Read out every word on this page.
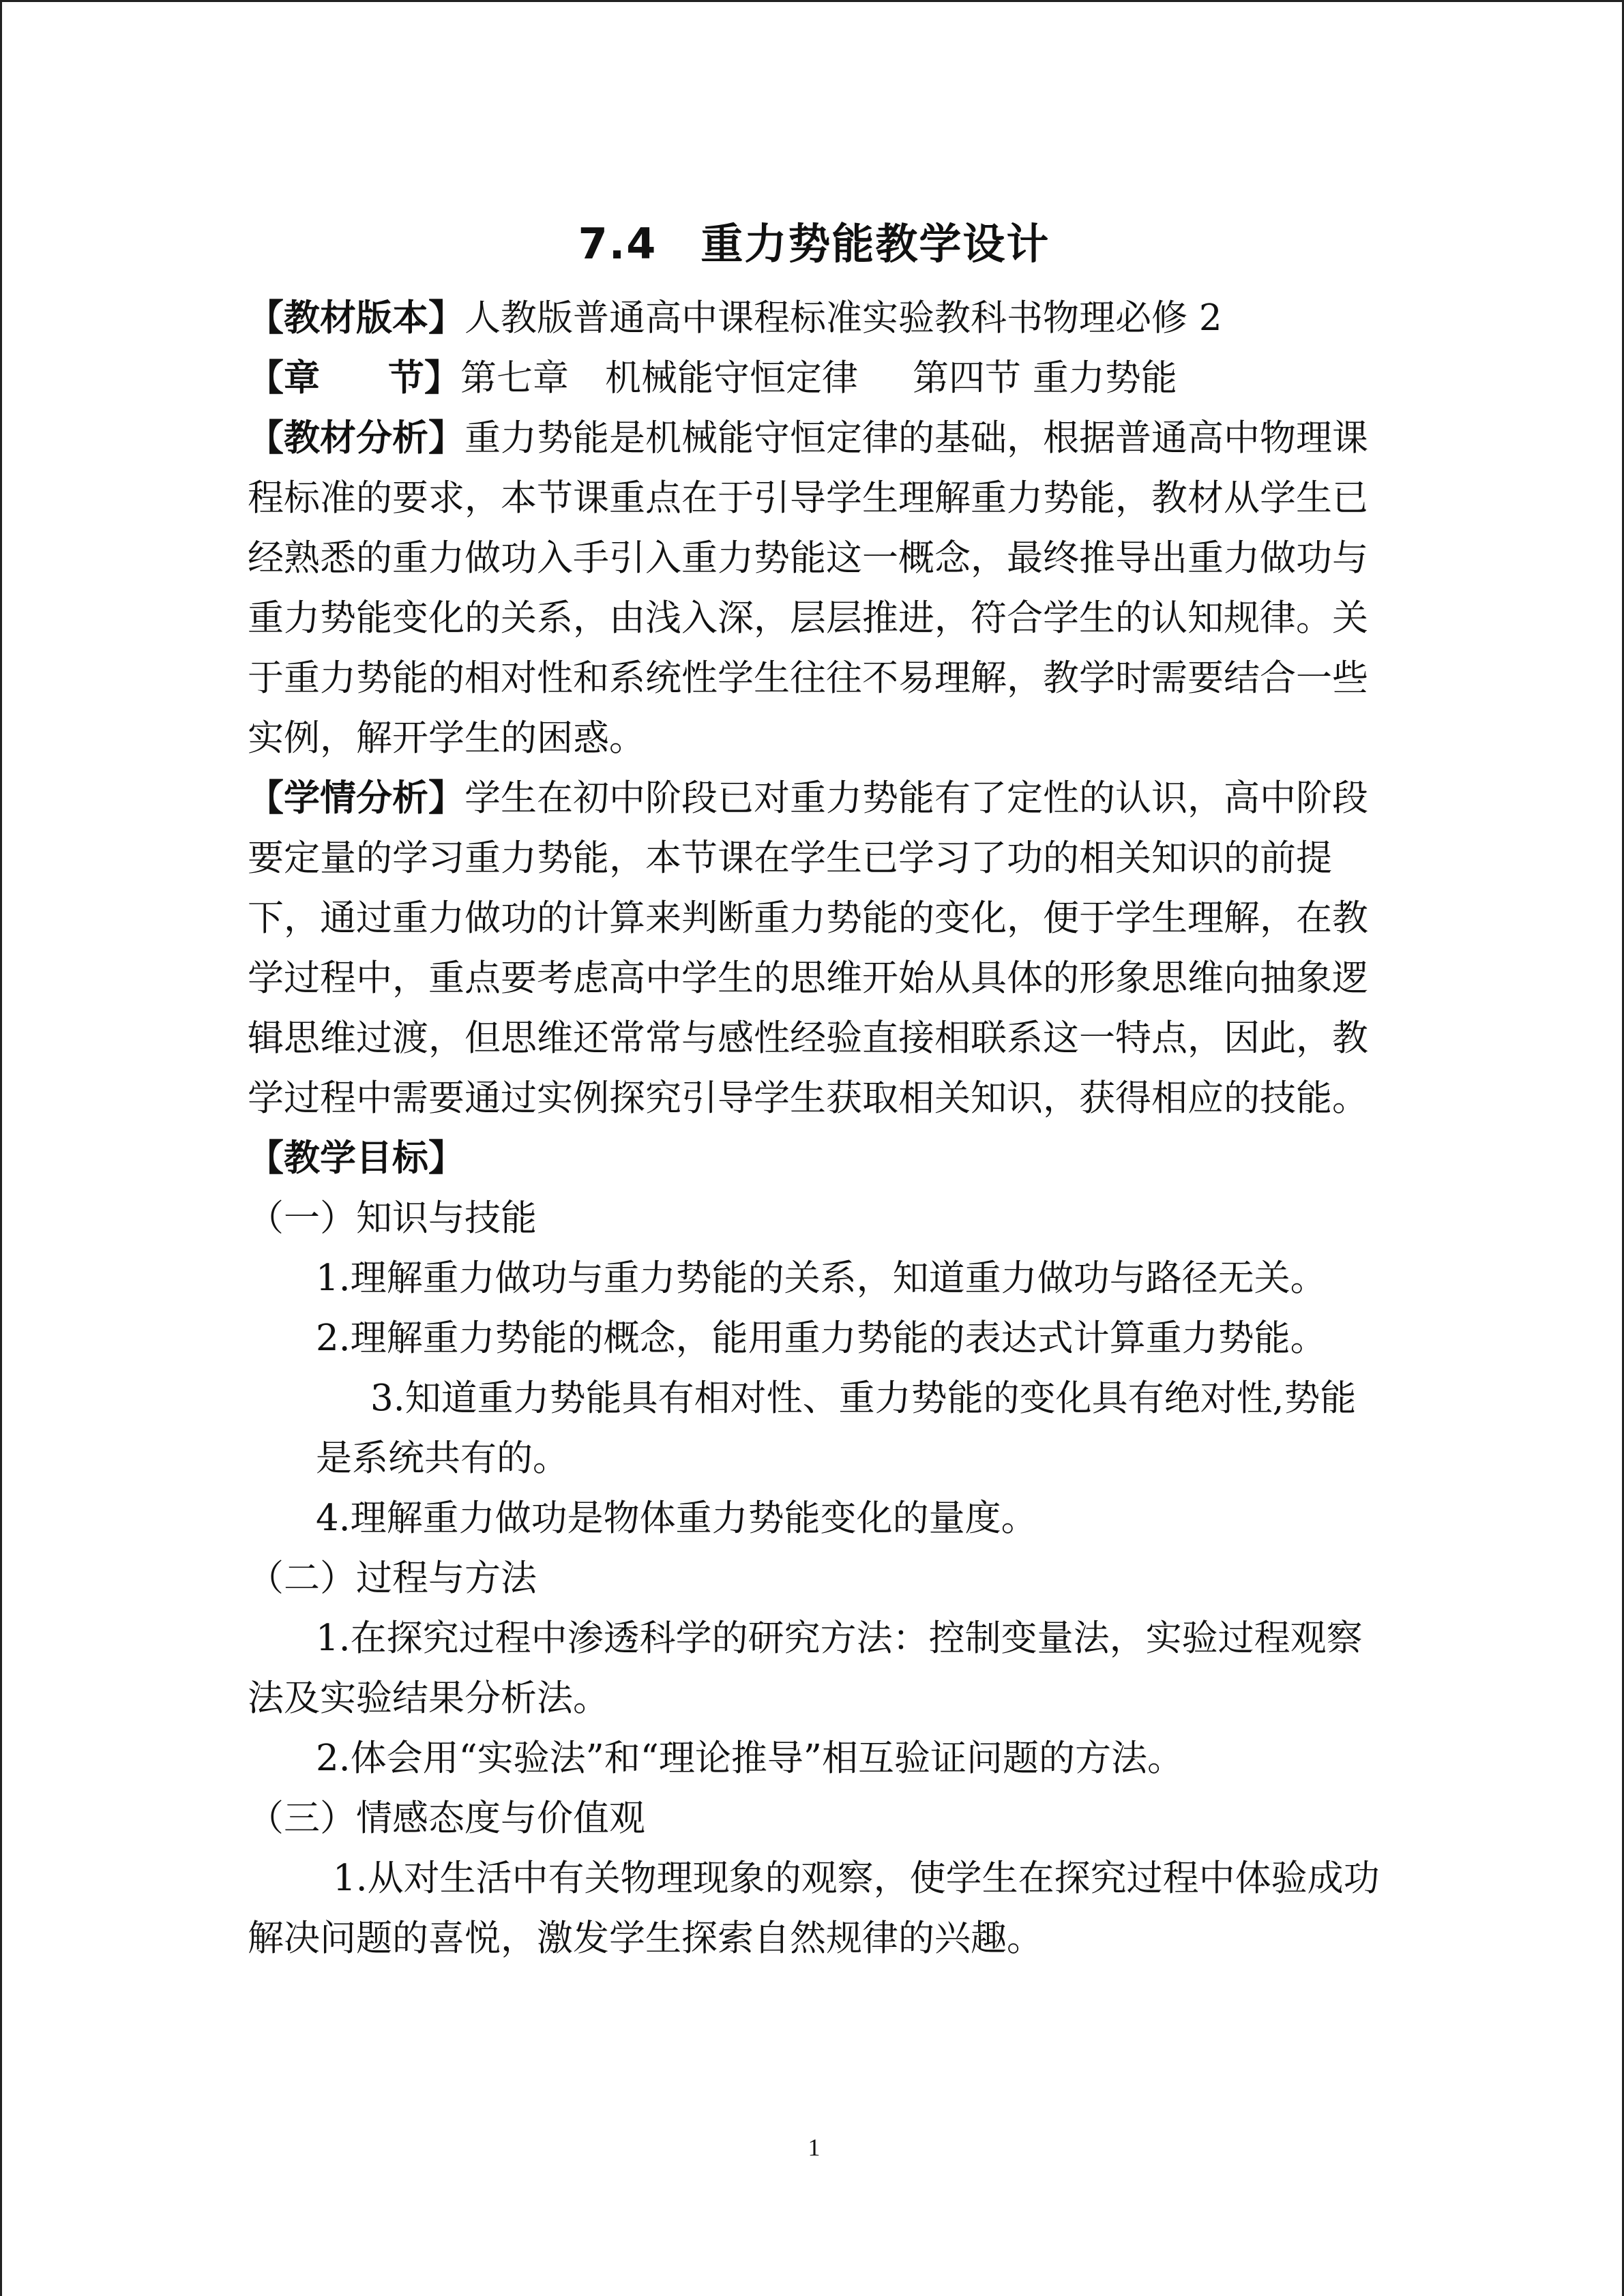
7.4　重力势能教学设计

【教材版本】人教版普通高中课程标准实验教科书物理必修 2

【章 节】第七章　机械能守恒定律 第四节 重力势能

【教材分析】重力势能是机械能守恒定律的基础，根据普通高中物理课程标准的要求，本节课重点在于引导学生理解重力势能，教材从学生已经熟悉的重力做功入手引入重力势能这一概念，最终推导出重力做功与重力势能变化的关系，由浅入深，层层推进，符合学生的认知规律。关于重力势能的相对性和系统性学生往往不易理解，教学时需要结合一些实例，解开学生的困惑。

【学情分析】学生在初中阶段已对重力势能有了定性的认识，高中阶段要定量的学习重力势能，本节课在学生已学习了功的相关知识的前提下，通过重力做功的计算来判断重力势能的变化，便于学生理解，在教学过程中，重点要考虑高中学生的思维开始从具体的形象思维向抽象逻辑思维过渡，但思维还常常与感性经验直接相联系这一特点，因此，教学过程中需要通过实例探究引导学生获取相关知识，获得相应的技能。

【教学目标】

（一）知识与技能

1.理解重力做功与重力势能的关系，知道重力做功与路径无关。

2.理解重力势能的概念，能用重力势能的表达式计算重力势能。3.知道重力势能具有相对性、重力势能的变化具有绝对性,势能是系统共有的。

4.理解重力做功是物体重力势能变化的量度。

（二）过程与方法

1.在探究过程中渗透科学的研究方法：控制变量法，实验过程观察法及实验结果分析法。

2.体会用“实验法”和“理论推导”相互验证问题的方法。

（三）情感态度与价值观

1.从对生活中有关物理现象的观察，使学生在探究过程中体验成功解决问题的喜悦，激发学生探索自然规律的兴趣。

1
